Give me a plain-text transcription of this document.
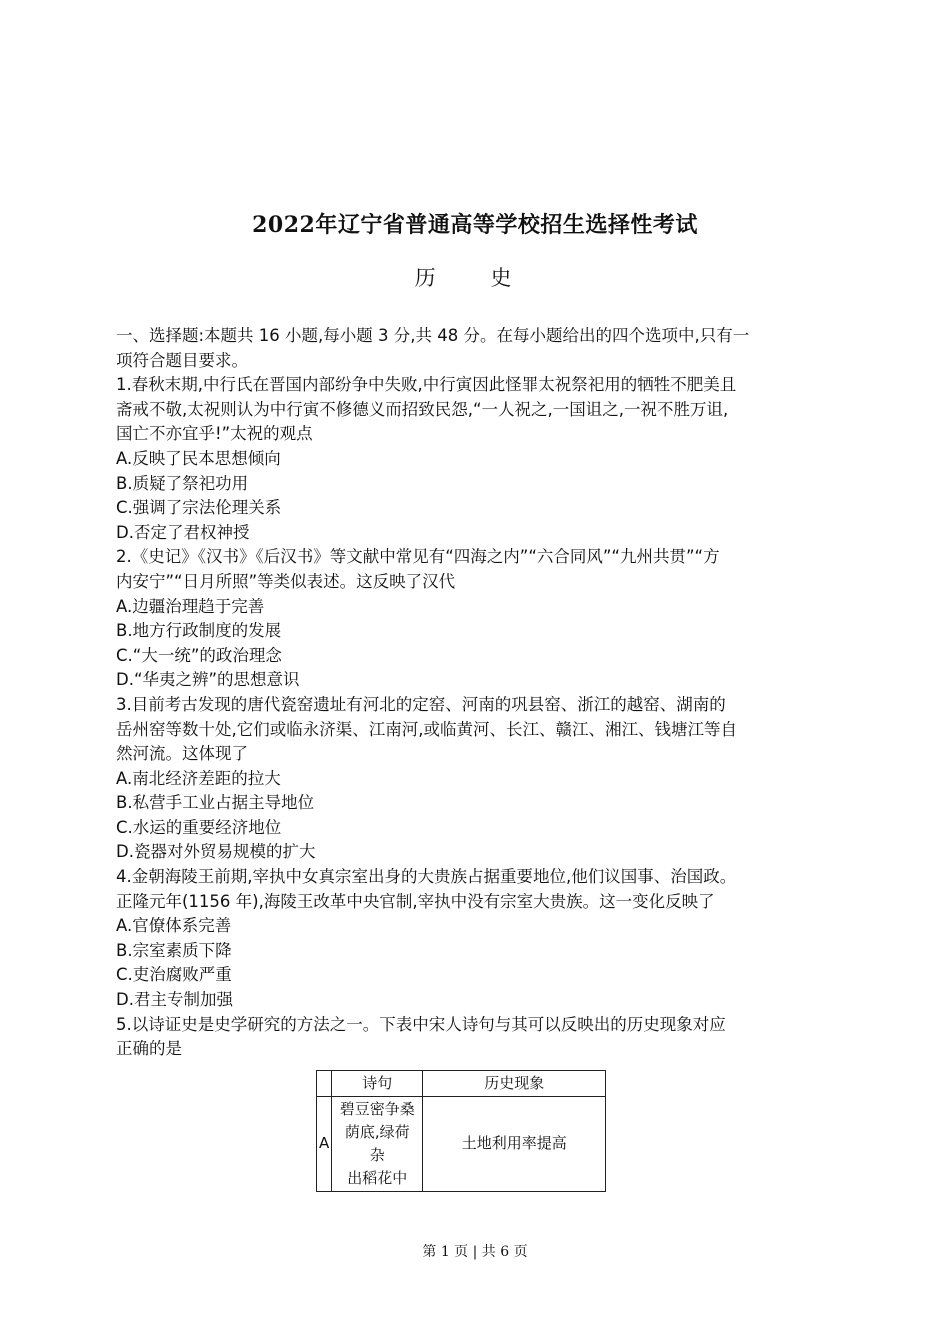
2022年辽宁省普通高等学校招生选择性考试
历 史
一、选择题:本题共 16 小题,每小题 3 分,共 48 分。在每小题给出的四个选项中,只有一
项符合题目要求。
1.春秋末期,中行氏在晋国内部纷争中失败,中行寅因此怪罪太祝祭祀用的牺牲不肥美且
斋戒不敬,太祝则认为中行寅不修德义而招致民怨,“一人祝之,一国诅之,一祝不胜万诅,
国亡不亦宜乎!”太祝的观点
A.反映了民本思想倾向
B.质疑了祭祀功用
C.强调了宗法伦理关系
D.否定了君权神授
2.《史记》《汉书》《后汉书》等文献中常见有“四海之内”“六合同风”“九州共贯”“方
内安宁”“日月所照”等类似表述。这反映了汉代
A.边疆治理趋于完善
B.地方行政制度的发展
C.“大一统”的政治理念
D.“华夷之辨”的思想意识
3.目前考古发现的唐代瓷窑遗址有河北的定窑、河南的巩县窑、浙江的越窑、湖南的
岳州窑等数十处,它们或临永济渠、江南河,或临黄河、长江、赣江、湘江、钱塘江等自
然河流。这体现了
A.南北经济差距的拉大
B.私营手工业占据主导地位
C.水运的重要经济地位
D.瓷器对外贸易规模的扩大
4.金朝海陵王前期,宰执中女真宗室出身的大贵族占据重要地位,他们议国事、治国政。
正隆元年(1156 年),海陵王改革中央官制,宰执中没有宗室大贵族。这一变化反映了
A.官僚体系完善
B.宗室素质下降
C.吏治腐败严重
D.君主专制加强
5.以诗证史是史学研究的方法之一。下表中宋人诗句与其可以反映出的历史现象对应
正确的是
	诗句	历史现象
A	碧豆密争桑
荫底,绿荷杂
出稻花中	土地利用率提高
第 1 页 | 共 6 页
